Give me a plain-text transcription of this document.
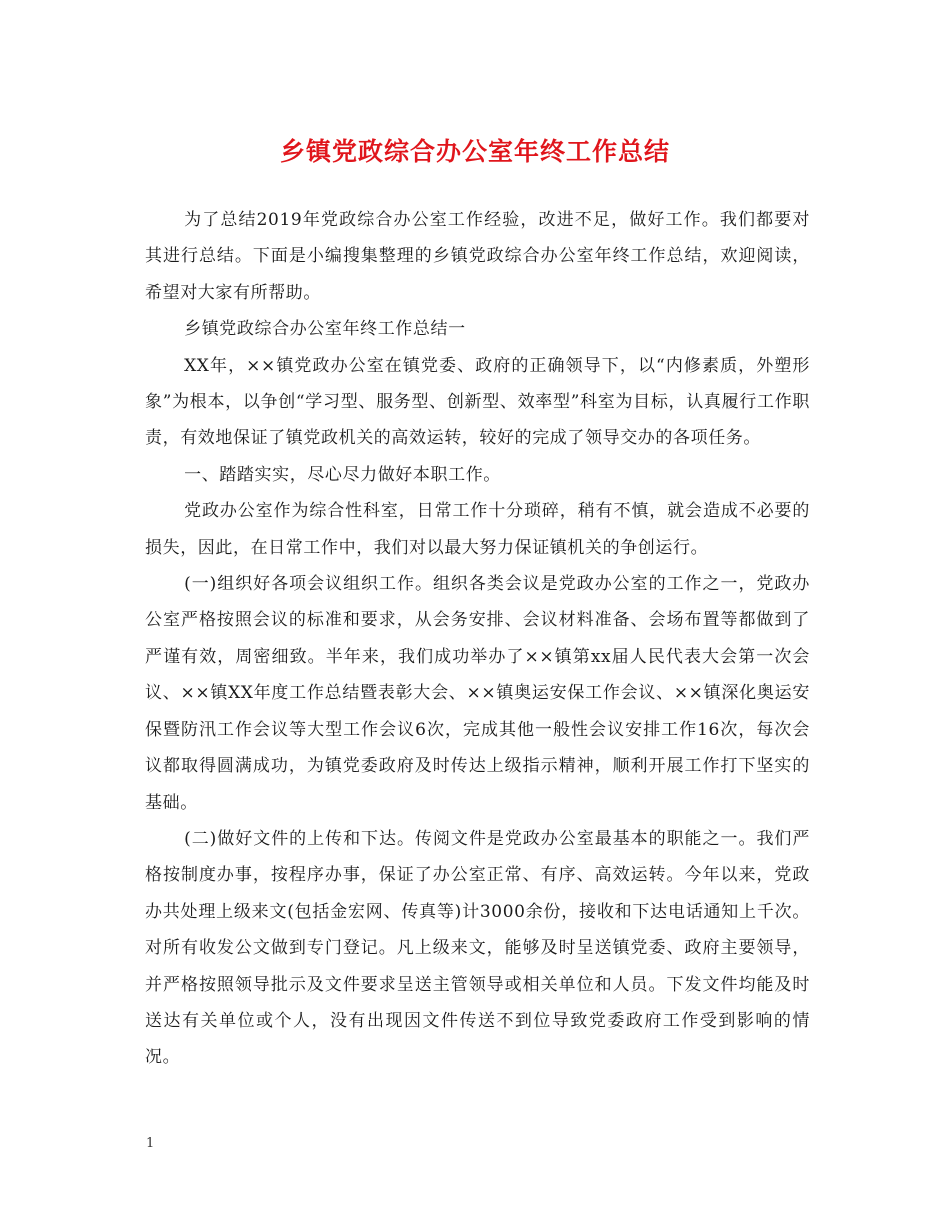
乡镇党政综合办公室年终工作总结

为了总结2019年党政综合办公室工作经验，改进不足，做好工作。我们都要对其进行总结。下面是小编搜集整理的乡镇党政综合办公室年终工作总结，欢迎阅读，希望对大家有所帮助。

乡镇党政综合办公室年终工作总结一

XX年，××镇党政办公室在镇党委、政府的正确领导下，以“内修素质，外塑形象”为根本，以争创“学习型、服务型、创新型、效率型”科室为目标，认真履行工作职责，有效地保证了镇党政机关的高效运转，较好的完成了领导交办的各项任务。

一、踏踏实实，尽心尽力做好本职工作。

党政办公室作为综合性科室，日常工作十分琐碎，稍有不慎，就会造成不必要的损失，因此，在日常工作中，我们对以最大努力保证镇机关的争创运行。

(一)组织好各项会议组织工作。组织各类会议是党政办公室的工作之一，党政办公室严格按照会议的标准和要求，从会务安排、会议材料准备、会场布置等都做到了严谨有效，周密细致。半年来，我们成功举办了××镇第xx届人民代表大会第一次会议、××镇XX年度工作总结暨表彰大会、××镇奥运安保工作会议、××镇深化奥运安保暨防汛工作会议等大型工作会议6次，完成其他一般性会议安排工作16次，每次会议都取得圆满成功，为镇党委政府及时传达上级指示精神，顺利开展工作打下坚实的基础。

(二)做好文件的上传和下达。传阅文件是党政办公室最基本的职能之一。我们严格按制度办事，按程序办事，保证了办公室正常、有序、高效运转。今年以来，党政办共处理上级来文(包括金宏网、传真等)计3000余份，接收和下达电话通知上千次。对所有收发公文做到专门登记。凡上级来文，能够及时呈送镇党委、政府主要领导，并严格按照领导批示及文件要求呈送主管领导或相关单位和人员。下发文件均能及时送达有关单位或个人，没有出现因文件传送不到位导致党委政府工作受到影响的情况。

1
